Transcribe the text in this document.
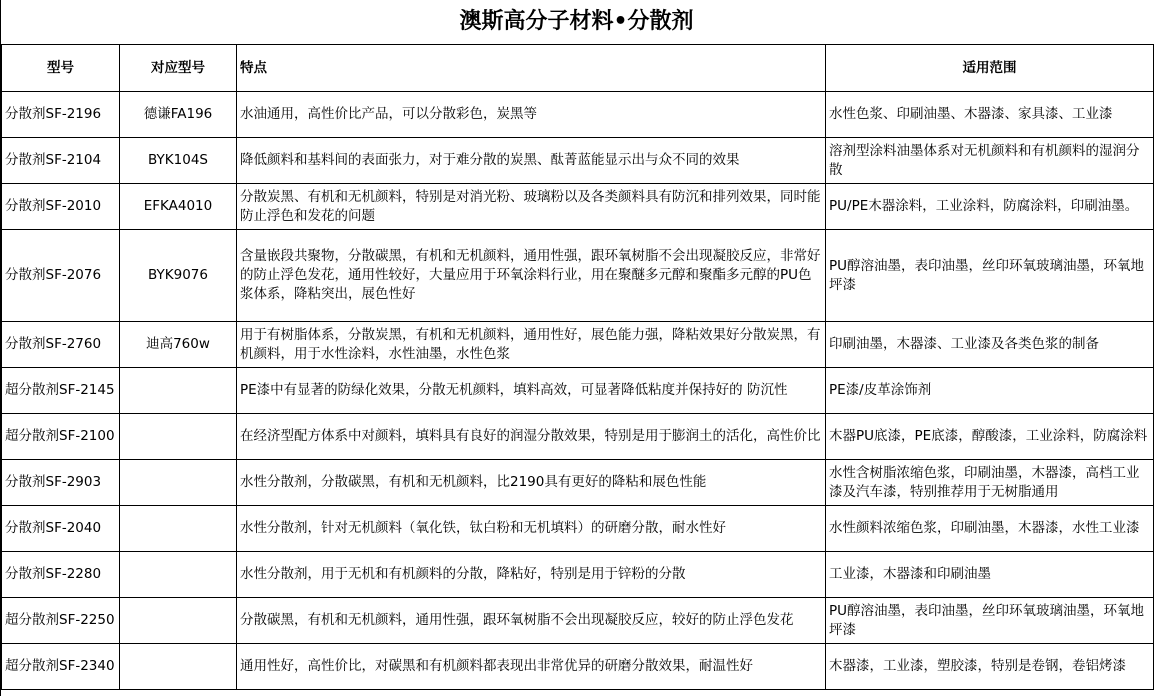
澳斯高分子材料•分散剂
型号	对应型号	特点	适用范围
分散剂SF-2196	德谦FA196	水油通用，高性价比产品，可以分散彩色，炭黑等	水性色浆、印刷油墨、木器漆、家具漆、工业漆
分散剂SF-2104	BYK104S	降低颜料和基料间的表面张力，对于难分散的炭黑、酞菁蓝能显示出与众不同的效果	溶剂型涂料油墨体系对无机颜料和有机颜料的湿润分散
分散剂SF-2010	EFKA4010	分散炭黑、有机和无机颜料，特别是对消光粉、玻璃粉以及各类颜料具有防沉和排列效果，同时能防止浮色和发花的问题	PU/PE木器涂料，工业涂料，防腐涂料，印刷油墨。
分散剂SF-2076	BYK9076	含量嵌段共聚物，分散碳黑，有机和无机颜料，通用性强，跟环氧树脂不会出现凝胶反应，非常好的防止浮色发花，通用性较好，大量应用于环氧涂料行业，用在聚醚多元醇和聚酯多元醇的PU色浆体系，降粘突出，展色性好	PU醇溶油墨，表印油墨，丝印环氧玻璃油墨，环氧地坪漆
分散剂SF-2760	迪高760w	用于有树脂体系，分散炭黑，有机和无机颜料，通用性好，展色能力强，降粘效果好分散炭黑，有机颜料，用于水性涂料，水性油墨，水性色浆	印刷油墨，木器漆、工业漆及各类色浆的制备
超分散剂SF-2145		PE漆中有显著的防绿化效果，分散无机颜料，填料高效，可显著降低粘度并保持好的 防沉性	PE漆/皮革涂饰剂
超分散剂SF-2100		在经济型配方体系中对颜料，填料具有良好的润湿分散效果，特别是用于膨润土的活化，高性价比	木器PU底漆，PE底漆，醇酸漆，工业涂料，防腐涂料
分散剂SF-2903		水性分散剂，分散碳黑，有机和无机颜料，比2190具有更好的降粘和展色性能	水性含树脂浓缩色浆，印刷油墨，木器漆，高档工业漆及汽车漆，特别推荐用于无树脂通用
分散剂SF-2040		水性分散剂，针对无机颜料（氧化铁，钛白粉和无机填料）的研磨分散，耐水性好	水性颜料浓缩色浆，印刷油墨，木器漆，水性工业漆
分散剂SF-2280		水性分散剂，用于无机和有机颜料的分散，降粘好，特别是用于锌粉的分散	工业漆，木器漆和印刷油墨
超分散剂SF-2250		分散碳黑，有机和无机颜料，通用性强，跟环氧树脂不会出现凝胶反应，较好的防止浮色发花	PU醇溶油墨，表印油墨，丝印环氧玻璃油墨，环氧地坪漆
超分散剂SF-2340		通用性好，高性价比，对碳黑和有机颜料都表现出非常优异的研磨分散效果，耐温性好	木器漆，工业漆，塑胶漆，特别是卷钢，卷铝烤漆
